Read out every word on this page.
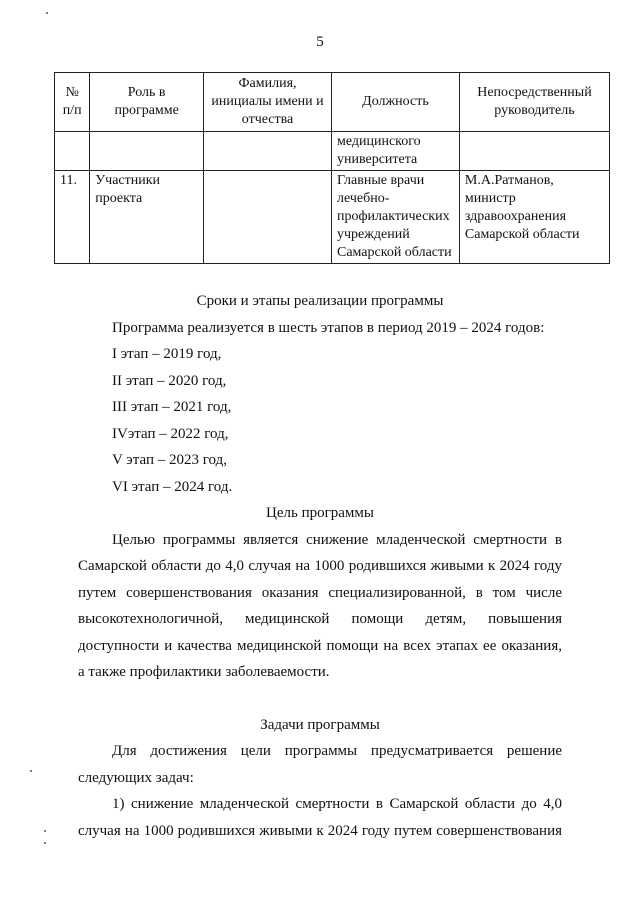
5
№ п/п	Роль в программе	Фамилия, инициалы имени и отчества	Должность	Непосредственный руководитель
			медицинского университета	
11.	Участники проекта		Главные врачи лечебно-профилактических учреждений Самарской области	М.А.Ратманов, министр здравоохранения Самарской области
Сроки и этапы реализации программы
Программа реализуется в шесть этапов в период 2019 – 2024 годов:
I этап – 2019 год,
II этап – 2020 год,
III этап – 2021 год,
IVэтап – 2022 год,
V этап – 2023 год,
VI этап – 2024 год.
Цель программы
Целью программы является снижение младенческой смертности в
Самарской области до 4,0 случая на 1000 родившихся живыми к 2024 году
путем совершенствования оказания специализированной, в том числе
высокотехнологичной, медицинской помощи детям, повышения
доступности и качества медицинской помощи на всех этапах ее оказания,
а также профилактики заболеваемости.
Задачи программы
Для достижения цели программы предусматривается решение
следующих задач:
1) снижение младенческой смертности в Самарской области до 4,0
случая на 1000 родившихся живыми к 2024 году путем совершенствования
